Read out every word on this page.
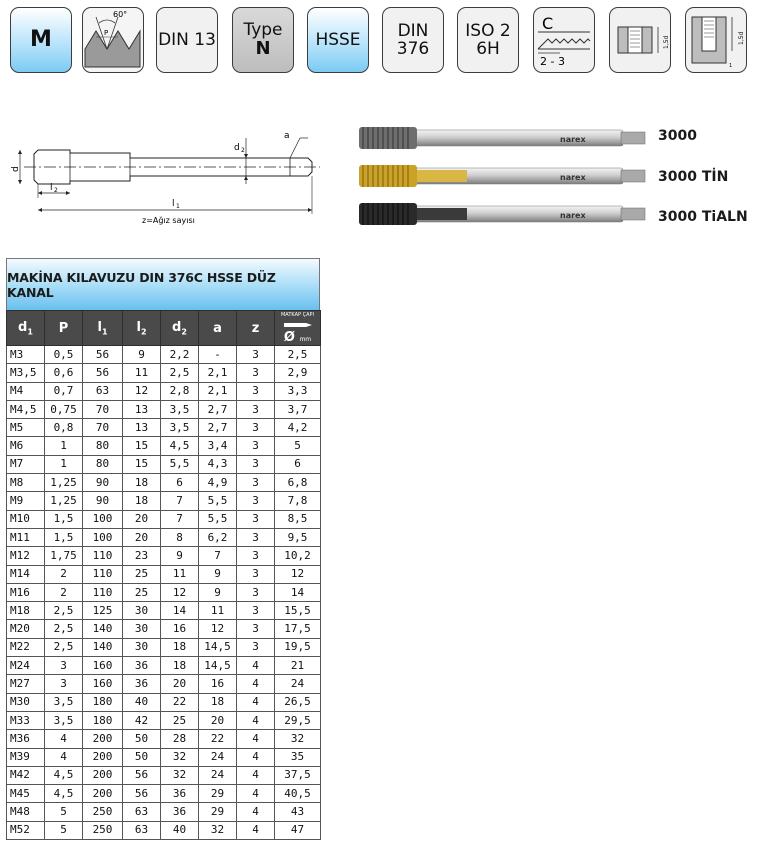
M
60°
P	DIN 13 Type
N	HSSE DIN
376
ISO 2
6H
C
2 - 3
1,5d	1,5d
1
d
d 2
a
l 2
l 1
z=Ağız sayısı
narex	3000
narex	3000 TİN
narex	3000 TiALN
MAKİNA KILAVUZU DIN 376C HSSE DÜZ KANAL
$d_1$	P	$l_1$	$l_2$	$d_2$	a	z	MATKAP ÇAPI
Ø mm

M3	0,5	56	9	2,2	-	3	2,5
M3,5	0,6	56	11	2,5	2,1	3	2,9
M4	0,7	63	12	2,8	2,1	3	3,3
M4,5	0,75	70	13	3,5	2,7	3	3,7
M5	0,8	70	13	3,5	2,7	3	4,2
M6	1	80	15	4,5	3,4	3	5
M7	1	80	15	5,5	4,3	3	6
M8	1,25	90	18	6	4,9	3	6,8
M9	1,25	90	18	7	5,5	3	7,8
M10	1,5	100	20	7	5,5	3	8,5
M11	1,5	100	20	8	6,2	3	9,5
M12	1,75	110	23	9	7	3	10,2
M14	2	110	25	11	9	3	12
M16	2	110	25	12	9	3	14
M18	2,5	125	30	14	11	3	15,5
M20	2,5	140	30	16	12	3	17,5
M22	2,5	140	30	18	14,5	3	19,5
M24	3	160	36	18	14,5	4	21
M27	3	160	36	20	16	4	24
M30	3,5	180	40	22	18	4	26,5
M33	3,5	180	42	25	20	4	29,5
M36	4	200	50	28	22	4	32
M39	4	200	50	32	24	4	35
M42	4,5	200	56	32	24	4	37,5
M45	4,5	200	56	36	29	4	40,5
M48	5	250	63	36	29	4	43
M52	5	250	63	40	32	4	47
